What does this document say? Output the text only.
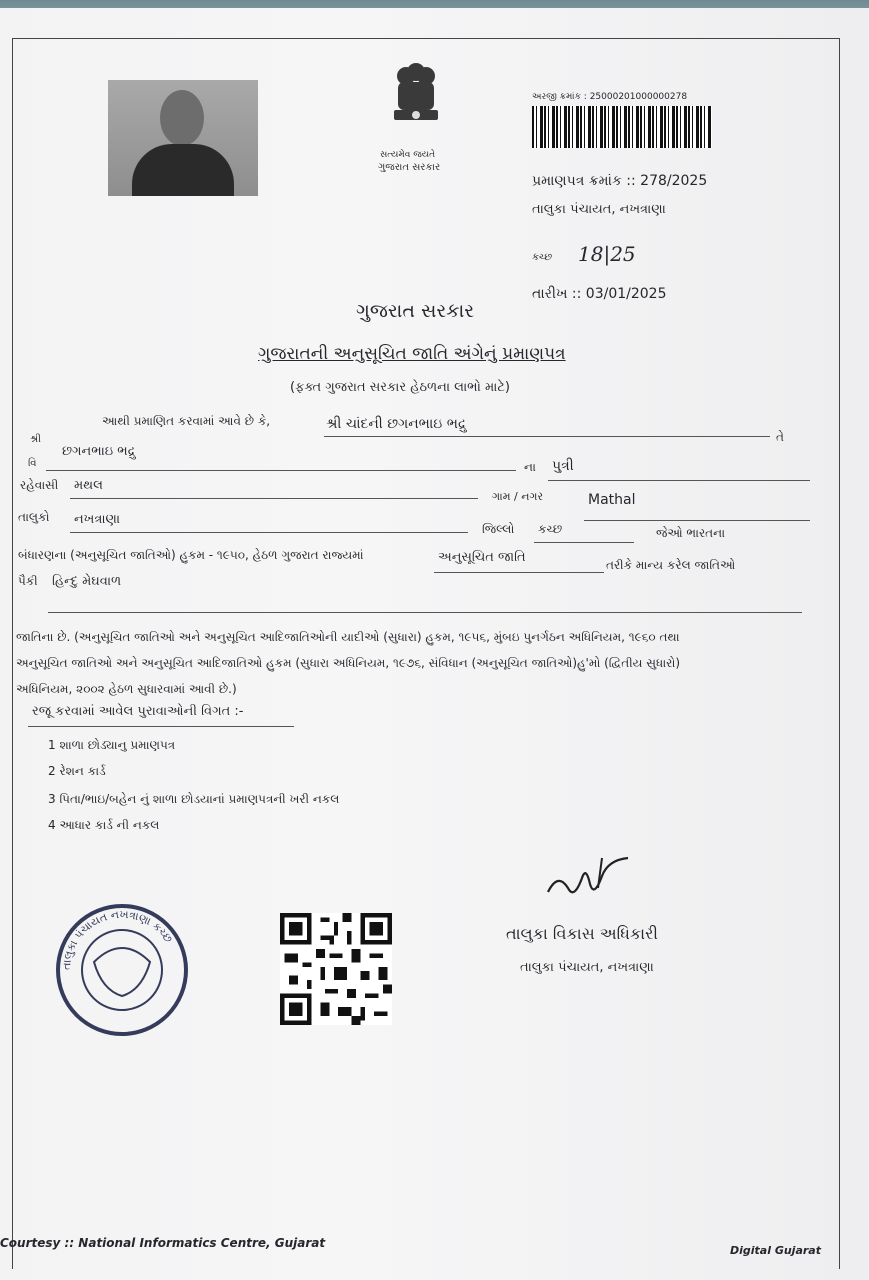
સત્યમેવ જયતે
ગુજરાત સરકાર
અરજી ક્રમાંક : 25000201000000278
પ્રમાણપત્ર ક્રમાંક :: 278/2025
તાલુકા પંચાયત, નખત્રાણા
કચ્છ 18|25
તારીખ :: 03/01/2025
ગુજરાત સરકાર
ગુજરાતની અનુસૂચિત જાતિ અંગેનું પ્રમાણપત્ર
(ફક્ત ગુજરાત સરકાર હેઠળના લાભો માટે)
આથી પ્રમાણિત કરવામાં આવે છે કે,	શ્રી ચાંદની છગનભાઇ ભદ્રુ
તે
શ્રી
છગનભાઇ ભદ્રુ
વિ	ના પુત્રી
રહેવાસી મથલ
ગામ / નગર	Mathal
તાલુકો નખત્રાણા
જિલ્લો કચ્છ	જેઓ ભારતના
બંધારણના (અનુસૂચિત જાતિઓ) હુકમ - ૧૯૫૦, હેઠળ ગુજરાત રાજ્યમાં	અનુસૂચિત જાતિ	તરીકે માન્ય કરેલ જાતિઓ
પૈકી હિન્દુ મેઘવાળ
જાતિના છે. (અનુસૂચિત જાતિઓ અને અનુસૂચિત આદિજાતિઓની યાદીઓ (સુધારા) હુકમ, ૧૯૫૬, મુંબઇ પુનર્ગઠન અધિનિયમ, ૧૯૬૦ તથા
અનુસૂચિત જાતિઓ અને અનુસૂચિત આદિજાતિઓ હુકમ (સુધારા અધિનિયમ, ૧૯૭૬, સંવિધાન (અનુસૂચિત જાતિઓ)હુ'મો (દ્વિતીય સુધારો)
અધિનિયમ, ૨૦૦૨ હેઠળ સુધારવામાં આવી છે.)
રજૂ કરવામાં આવેલ પુરાવાઓની વિગત :-
1 શાળા છોડ્યાનુ પ્રમાણપત્ર
2 રેશન કાર્ડ
3 પિતા/ભાઇ/બહેન નું શાળા છોડયાનાં પ્રમાણપત્રની ખરી નકલ
4 આધાર કાર્ડ ની નકલ
તાલુકા પંચાયત નખત્રાણા કચ્છ	તાલુકા વિકાસ અધિકારી
તાલુકા પંચાયત, નખત્રાણા
Courtesy :: National Informatics Centre, Gujarat
Digital Gujarat
